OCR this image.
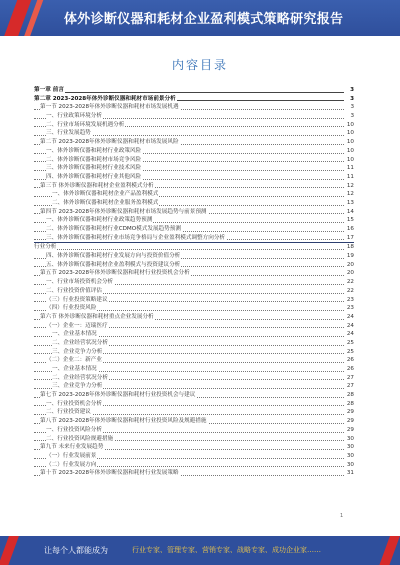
体外诊断仪器和耗材企业盈利模式策略研究报告
内容目录
第一章 前言	3
第二章 2023-2028年体外诊断仪器和耗材市场前景分析	3
第一节 2023-2028年体外诊断仪器和耗材市场发展机遇	3
一、行业政策环境分析	3
二、行业市场环境发展机遇分析	10
三、行业发展趋势	10
第二节 2023-2028年体外诊断仪器和耗材市场发展风险	10
一、体外诊断仪器和耗材行业政策风险	10
二、体外诊断仪器和耗材市场竞争风险	10
三、体外诊断仪器和耗材行业技术风险	11
四、体外诊断仪器和耗材行业其他风险	11
第三节 体外诊断仪器和耗材企业盈利模式分析	12
一、体外诊断仪器和耗材企业产品盈利模式	12
二、体外诊断仪器和耗材企业服务盈利模式	13
第四节 2023-2028年体外诊断仪器和耗材市场发展趋势与前景预测	14
一、体外诊断仪器和耗材行业政策趋势预测	15
二、体外诊断仪器和耗材行业CDMO模式发展趋势预测	16
三、体外诊断仪器和耗材行业市场竞争格局与企业盈利模式调整方向分析	17
行业分析	18
四、体外诊断仪器和耗材行业发展方向与投资价值分析	19
五、体外诊断仪器和耗材企业盈利模式与投资建议分析	20
第五节 2023-2028年体外诊断仪器和耗材行业投资机会分析	20
一、行业市场投资机会分析	22
二、行业投资价值评估	22
（三）行业投资策略建议	23
（四）行业投资风险	23
第六节 体外诊断仪器和耗材重点企业发展分析	24
（一）企业一：迈瑞医疗	24
一、企业基本情况	24
二、企业经营状况分析	25
三、企业竞争力分析	25
（二）企业二：新产业	26
一、企业基本情况	26
二、企业经营状况分析	27
三、企业竞争力分析	27
第七节 2023-2028年体外诊断仪器和耗材行业投资机会与建议	28
一、行业投资机会分析	28
二、行业投资建议	29
第八节 2023-2028年体外诊断仪器和耗材行业投资风险及规避措施	29
一、行业投资风险分析	29
二、行业投资风险规避措施	30
第九节 未来行业发展趋势	30
（一）行业发展前景	30
（二）行业发展方向	30
第十节 2023-2028年体外诊断仪器和耗材行业发展策略	31
1
让每个人都能成为	行业专家、管理专家、营销专家、战略专家、成功企业家……
